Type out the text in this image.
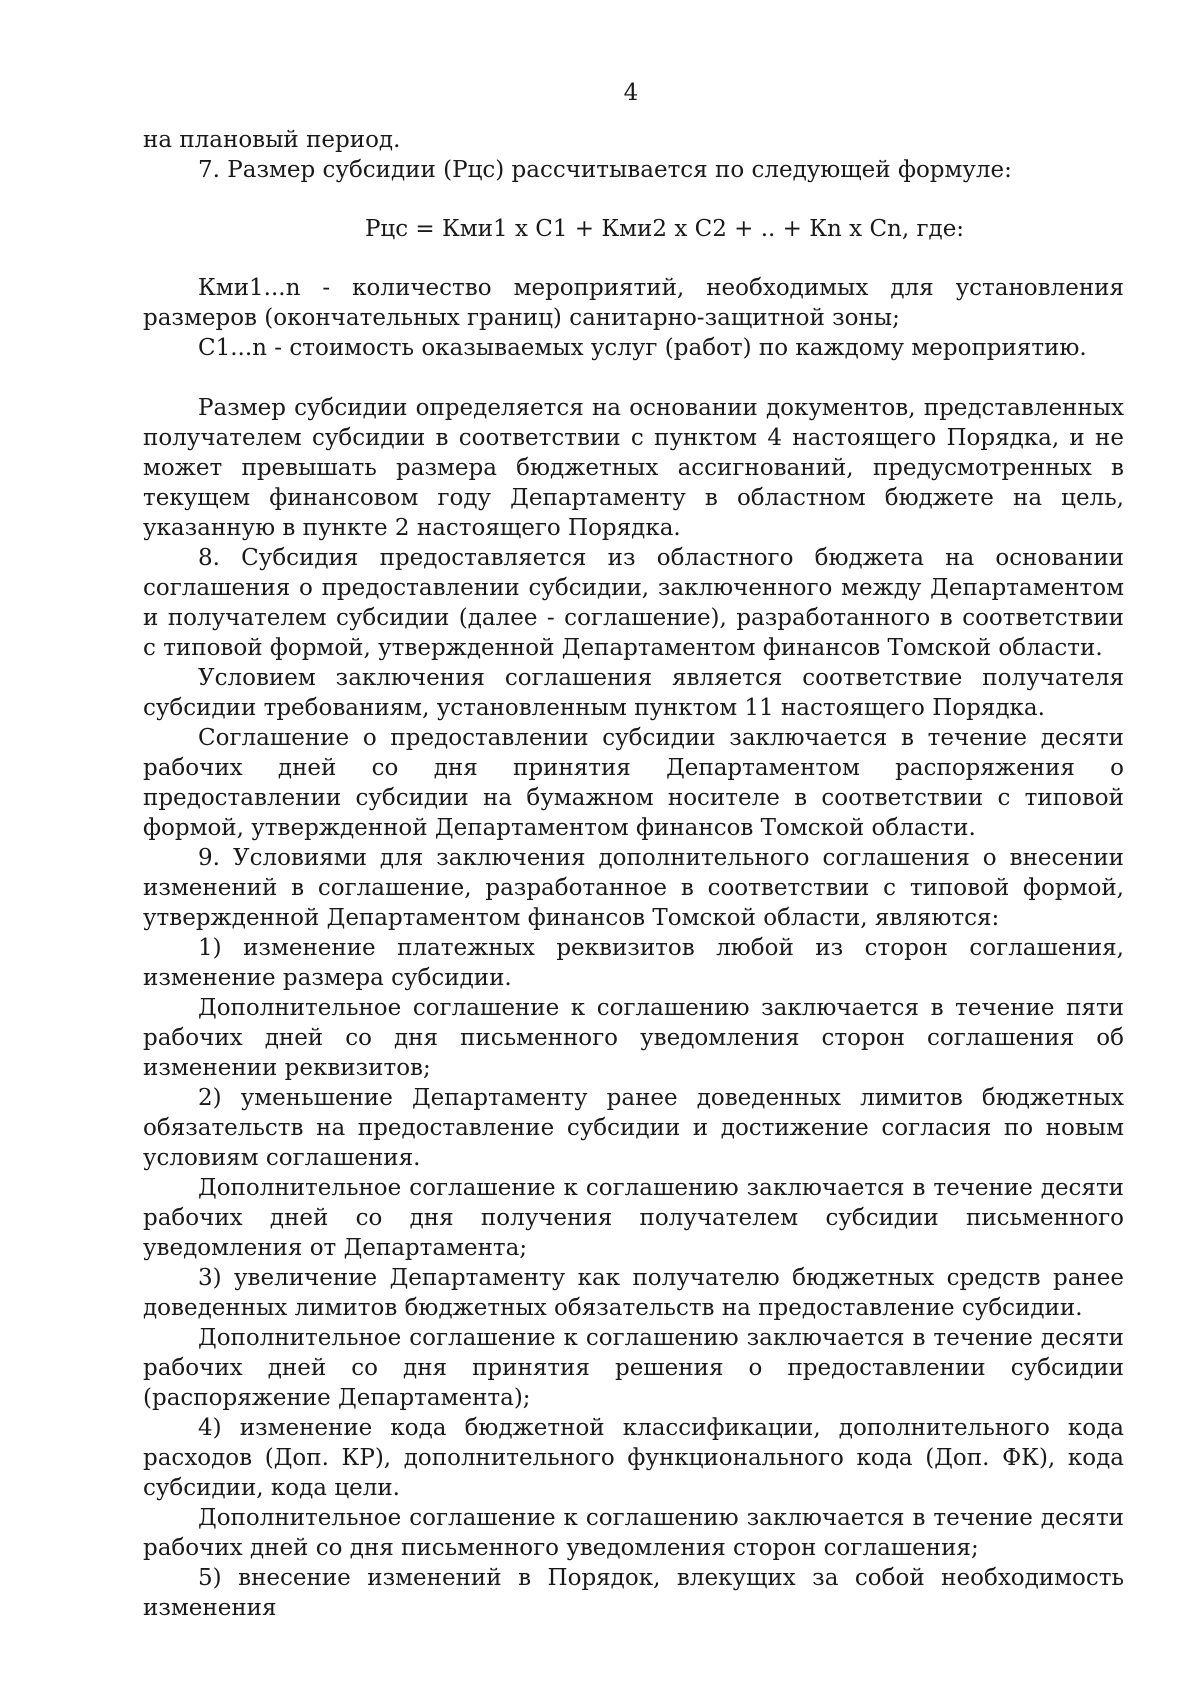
4

на плановый период.

7. Размер субсидии (Рцс) рассчитывается по следующей формуле:

Рцс = Кми1 х С1 + Кми2 х С2 + .. + Кn х Сn, где:

Кми1...n - количество мероприятий, необходимых для установления размеров (окончательных границ) санитарно-защитной зоны;

С1...n - стоимость оказываемых услуг (работ) по каждому мероприятию.

Размер субсидии определяется на основании документов, представленных получателем субсидии в соответствии с пунктом 4 настоящего Порядка, и не может превышать размера бюджетных ассигнований, предусмотренных в текущем финансовом году Департаменту в областном бюджете на цель, указанную в пункте 2 настоящего Порядка.

8. Субсидия предоставляется из областного бюджета на основании соглашения о предоставлении субсидии, заключенного между Департаментом и получателем субсидии (далее - соглашение), разработанного в соответствии с типовой формой, утвержденной Департаментом финансов Томской области.

Условием заключения соглашения является соответствие получателя субсидии требованиям, установленным пунктом 11 настоящего Порядка.

Соглашение о предоставлении субсидии заключается в течение десяти рабочих дней со дня принятия Департаментом распоряжения о предоставлении субсидии на бумажном носителе в соответствии с типовой формой, утвержденной Департаментом финансов Томской области.

9. Условиями для заключения дополнительного соглашения о внесении изменений в соглашение, разработанное в соответствии с типовой формой, утвержденной Департаментом финансов Томской области, являются:

1) изменение платежных реквизитов любой из сторон соглашения, изменение размера субсидии.

Дополнительное соглашение к соглашению заключается в течение пяти рабочих дней со дня письменного уведомления сторон соглашения об изменении реквизитов;

2) уменьшение Департаменту ранее доведенных лимитов бюджетных обязательств на предоставление субсидии и достижение согласия по новым условиям соглашения.

Дополнительное соглашение к соглашению заключается в течение десяти рабочих дней со дня получения получателем субсидии письменного уведомления от Департамента;

3) увеличение Департаменту как получателю бюджетных средств ранее доведенных лимитов бюджетных обязательств на предоставление субсидии.

Дополнительное соглашение к соглашению заключается в течение десяти рабочих дней со дня принятия решения о предоставлении субсидии (распоряжение Департамента);

4) изменение кода бюджетной классификации, дополнительного кода расходов (Доп. КР), дополнительного функционального кода (Доп. ФК), кода субсидии, кода цели.

Дополнительное соглашение к соглашению заключается в течение десяти рабочих дней со дня письменного уведомления сторон соглашения;

5) внесение изменений в Порядок, влекущих за собой необходимость изменения
